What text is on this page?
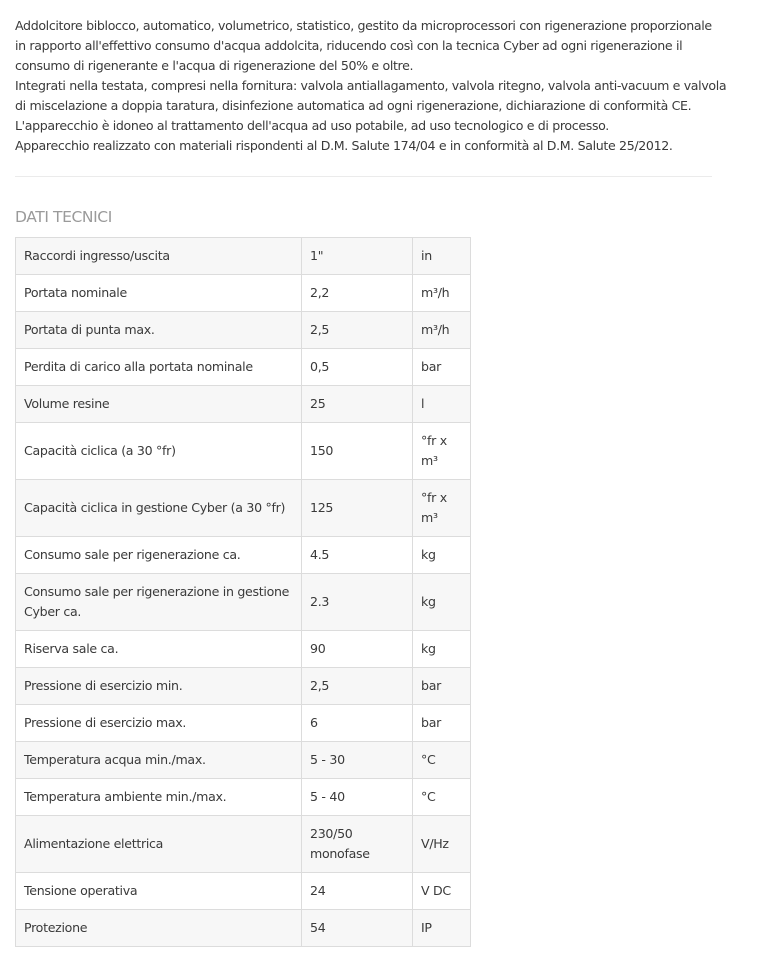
Addolcitore biblocco, automatico, volumetrico, statistico, gestito da microprocessori con rigenerazione proporzionale

in rapporto all'effettivo consumo d'acqua addolcita, riducendo così con la tecnica Cyber ad ogni rigenerazione il

consumo di rigenerante e l'acqua di rigenerazione del 50% e oltre.

Integrati nella testata, compresi nella fornitura: valvola antiallagamento, valvola ritegno, valvola anti-vacuum e valvola

di miscelazione a doppia taratura, disinfezione automatica ad ogni rigenerazione, dichiarazione di conformità CE.

L'apparecchio è idoneo al trattamento dell'acqua ad uso potabile, ad uso tecnologico e di processo.

Apparecchio realizzato con materiali rispondenti al D.M. Salute 174/04 e in conformità al D.M. Salute 25/2012.

DATI TECNICI
Raccordi ingresso/uscita	1"	in
Portata nominale	2,2	m³/h
Portata di punta max.	2,5	m³/h
Perdita di carico alla portata nominale	0,5	bar
Volume resine	25	l
Capacità ciclica (a 30 °fr)	150	°fr x m³
Capacità ciclica in gestione Cyber (a 30 °fr)	125	°fr x m³
Consumo sale per rigenerazione ca.	4.5	kg
Consumo sale per rigenerazione in gestione Cyber ca.	2.3	kg
Riserva sale ca.	90	kg
Pressione di esercizio min.	2,5	bar
Pressione di esercizio max.	6	bar
Temperatura acqua min./max.	5 - 30	°C
Temperatura ambiente min./max.	5 - 40	°C
Alimentazione elettrica	230/50 monofase	V/Hz
Tensione operativa	24	V DC
Protezione	54	IP
